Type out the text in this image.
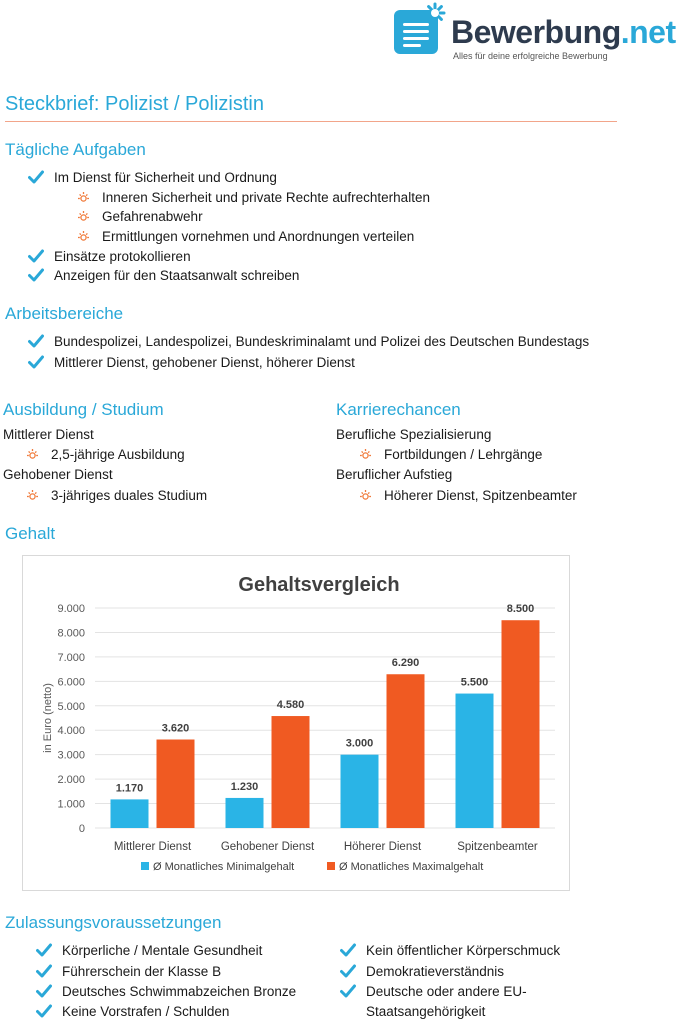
Bewerbung.net
Alles für deine erfolgreiche Bewerbung
Steckbrief: Polizist / Polizistin
Tägliche Aufgaben
Im Dienst für Sicherheit und Ordnung
Inneren Sicherheit und private Rechte aufrechterhalten
Gefahrenabwehr
Ermittlungen vornehmen und Anordnungen verteilen
Einsätze protokollieren
Anzeigen für den Staatsanwalt schreiben
Arbeitsbereiche
Bundespolizei, Landespolizei, Bundeskriminalamt und Polizei des Deutschen Bundestags
Mittlerer Dienst, gehobener Dienst, höherer Dienst
Ausbildung / Studium
Mittlerer Dienst
2,5-jährige Ausbildung
Gehobener Dienst
3-jähriges duales Studium
Karrierechancen
Berufliche Spezialisierung
Fortbildungen / Lehrgänge
Beruflicher Aufstieg
Höherer Dienst, Spitzenbeamter
Gehalt
Gehaltsvergleich
0
1.000
2.000
3.000
4.000
5.000
6.000
7.000
8.000
9.000
in Euro (netto)
1.170
3.620
Mittlerer Dienst
1.230
4.580
Gehobener Dienst
3.000
6.290
Höherer Dienst
5.500
8.500
Spitzenbeamter
Ø Monatliches Minimalgehalt	Ø Monatliches Maximalgehalt
Zulassungsvoraussetzungen
Körperliche / Mentale Gesundheit
Führerschein der Klasse B
Deutsches Schwimmabzeichen Bronze
Keine Vorstrafen / Schulden
Kein öffentlicher Körperschmuck
Demokratieverständnis
Deutsche oder andere EU-
Staatsangehörigkeit
